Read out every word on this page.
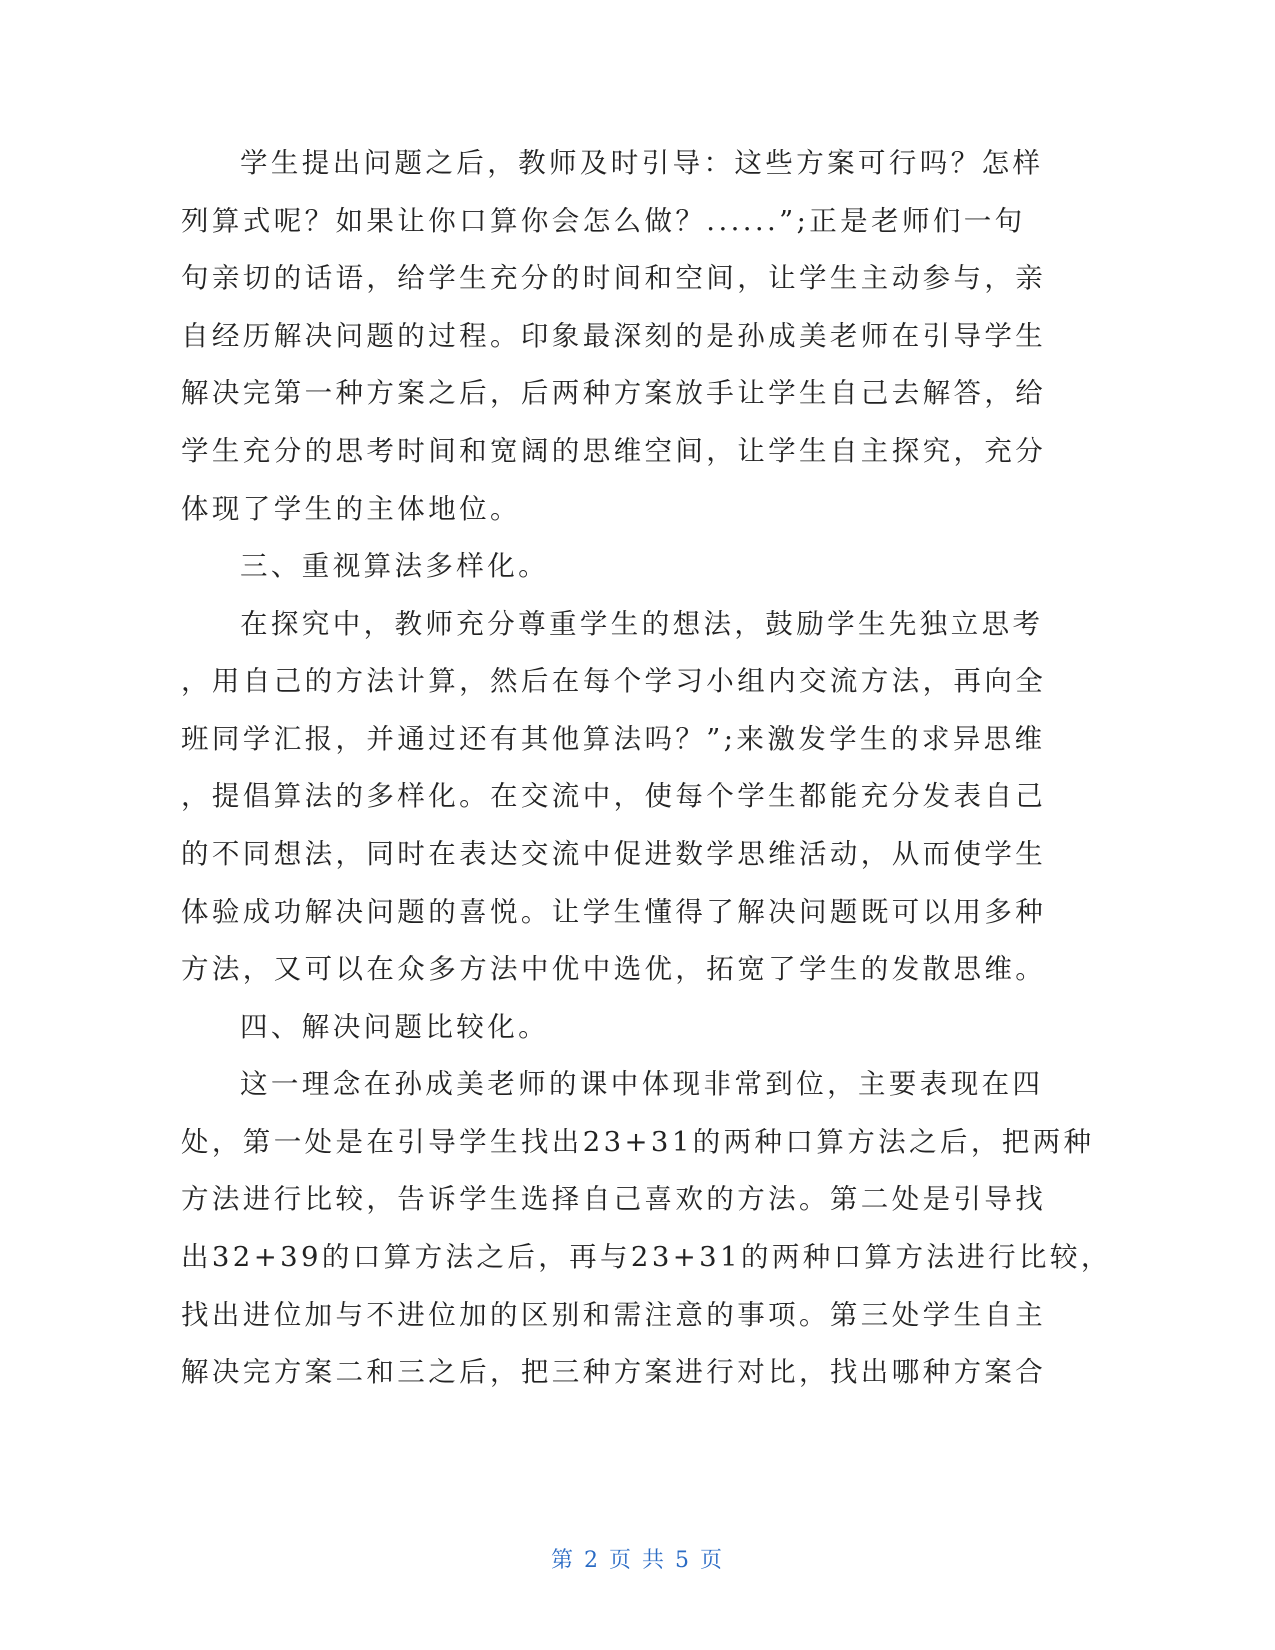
学生提出问题之后，教师及时引导：这些方案可行吗？怎样
列算式呢？如果让你口算你会怎么做？......”;正是老师们一句
句亲切的话语，给学生充分的时间和空间，让学生主动参与，亲
自经历解决问题的过程。印象最深刻的是孙成美老师在引导学生
解决完第一种方案之后，后两种方案放手让学生自己去解答，给
学生充分的思考时间和宽阔的思维空间，让学生自主探究，充分
体现了学生的主体地位。
三、重视算法多样化。
在探究中，教师充分尊重学生的想法，鼓励学生先独立思考
，用自己的方法计算，然后在每个学习小组内交流方法，再向全
班同学汇报，并通过还有其他算法吗？”;来激发学生的求异思维
，提倡算法的多样化。在交流中，使每个学生都能充分发表自己
的不同想法，同时在表达交流中促进数学思维活动，从而使学生
体验成功解决问题的喜悦。让学生懂得了解决问题既可以用多种
方法，又可以在众多方法中优中选优，拓宽了学生的发散思维。
四、解决问题比较化。
这一理念在孙成美老师的课中体现非常到位，主要表现在四
处，第一处是在引导学生找出23+31的两种口算方法之后，把两种
方法进行比较，告诉学生选择自己喜欢的方法。第二处是引导找
出32+39的口算方法之后，再与23+31的两种口算方法进行比较，
找出进位加与不进位加的区别和需注意的事项。第三处学生自主
解决完方案二和三之后，把三种方案进行对比，找出哪种方案合
第 2 页 共 5 页
